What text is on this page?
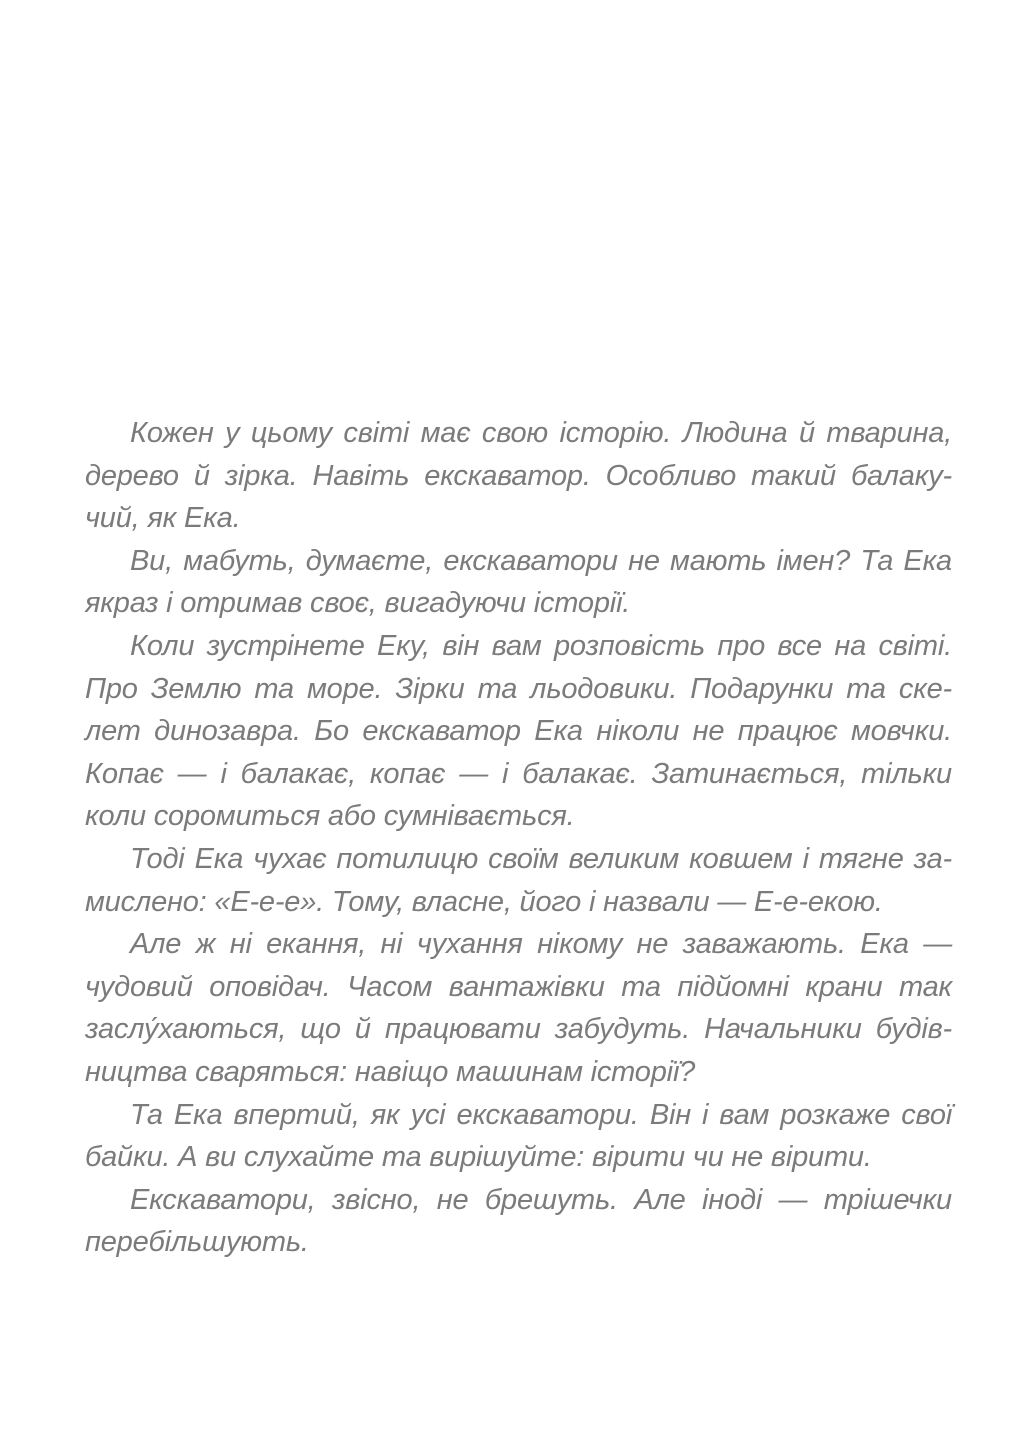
Кожен у цьому світі має свою історію. Людина й тварина,
дерево й зірка. Навіть екскаватор. Особливо такий балаку-
чий, як Ека.

Ви, мабуть, думаєте, екскаватори не мають імен? Та Ека
якраз і отримав своє, вигадуючи історії.

Коли зустрінете Еку, він вам розповість про все на світі.
Про Землю та море. Зірки та льодовики. Подарунки та ске-
лет динозавра. Бо екскаватор Ека ніколи не працює мовчки.
Копає — і балакає, копає — і балакає. Затинається, тільки
коли соромиться або сумнівається.

Тоді Ека чухає потилицю своїм великим ковшем і тягне за-
мислено: «Е-е-е». Тому, власне, його і назвали — Е-е-екою.

Але ж ні екання, ні чухання нікому не заважають. Ека —
чудовий оповідач. Часом вантажівки та підйомні крани так
заслу́хаються, що й працювати забудуть. Начальники будів-
ництва сваряться: навіщо машинам історії?

Та Ека впертий, як усі екскаватори. Він і вам розкаже свої
байки. А ви слухайте та вирішуйте: вірити чи не вірити.

Екскаватори, звісно, не брешуть. Але іноді — трішечки
перебільшують.
